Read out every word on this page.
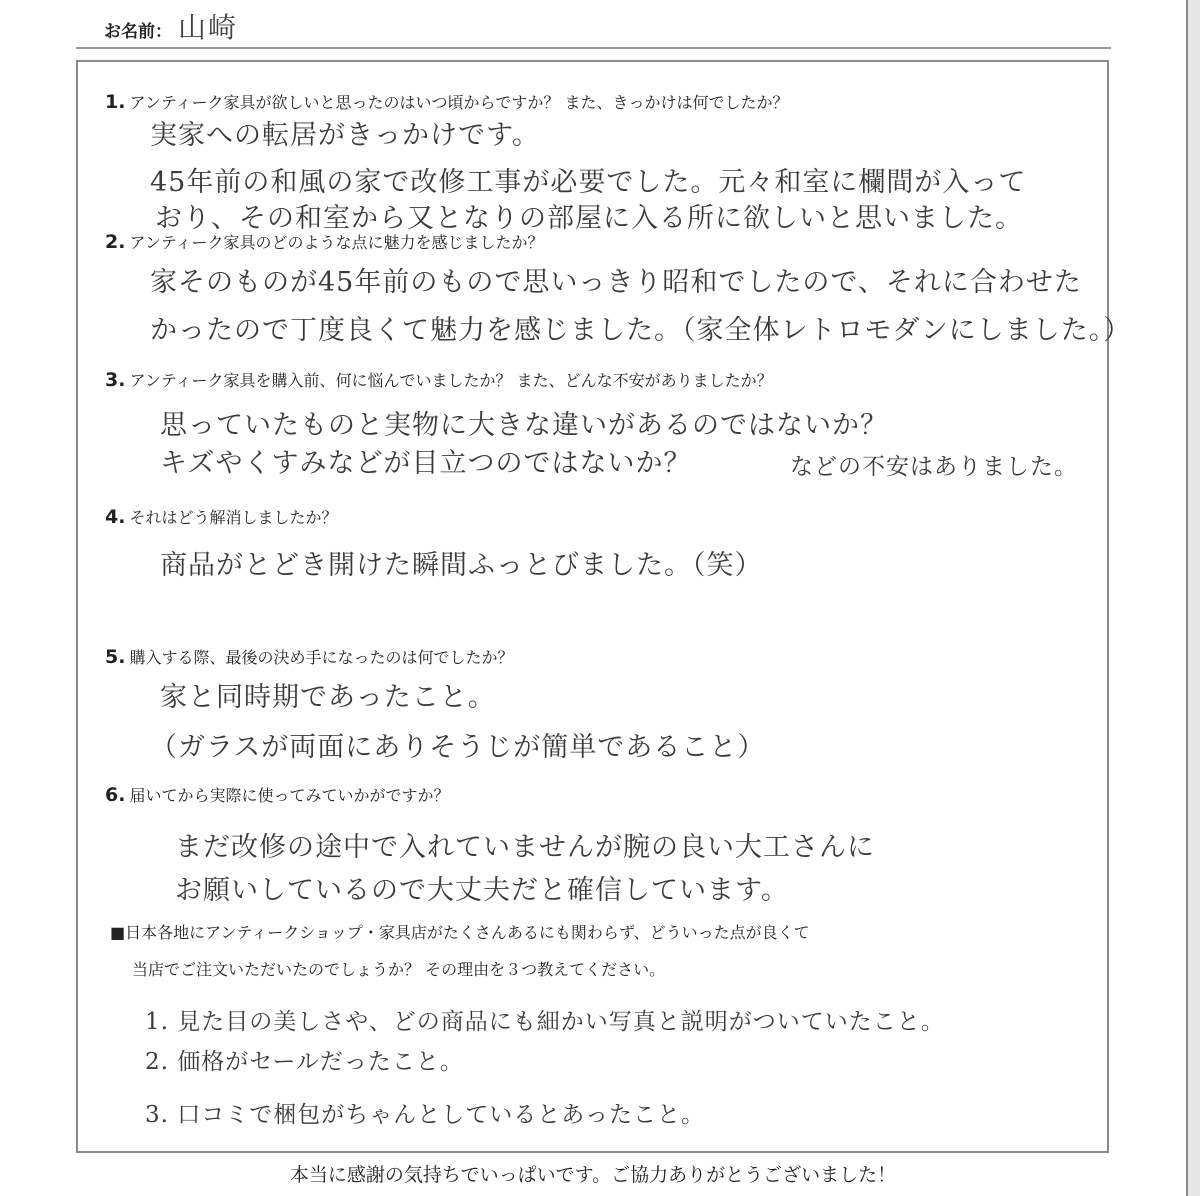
お名前： 山崎
1. アンティーク家具が欲しいと思ったのはいつ頃からですか？ また、きっかけは何でしたか？
実家への転居がきっかけです。
45年前の和風の家で改修工事が必要でした。元々和室に欄間が入って
おり、その和室から又となりの部屋に入る所に欲しいと思いました。
2. アンティーク家具のどのような点に魅力を感じましたか？
家そのものが45年前のもので思いっきり昭和でしたので、それに合わせた
かったので丁度良くて魅力を感じました。（家全体レトロモダンにしました。）
3. アンティーク家具を購入前、何に悩んでいましたか？ また、どんな不安がありましたか？
思っていたものと実物に大きな違いがあるのではないか？
キズやくすみなどが目立つのではないか？	などの不安はありました。
4. それはどう解消しましたか？
商品がとどき開けた瞬間ふっとびました。（笑）
5. 購入する際、最後の決め手になったのは何でしたか？
家と同時期であったこと。
（ガラスが両面にありそうじが簡単であること）
6. 届いてから実際に使ってみていかがですか？
まだ改修の途中で入れていませんが腕の良い大工さんに
お願いしているので大丈夫だと確信しています。
■日本各地にアンティークショップ・家具店がたくさんあるにも関わらず、どういった点が良くて
当店でご注文いただいたのでしょうか？ その理由を３つ教えてください。
1. 見た目の美しさや、どの商品にも細かい写真と説明がついていたこと。
2. 価格がセールだったこと。
3. 口コミで梱包がちゃんとしているとあったこと。
本当に感謝の気持ちでいっぱいです。ご協力ありがとうございました！
